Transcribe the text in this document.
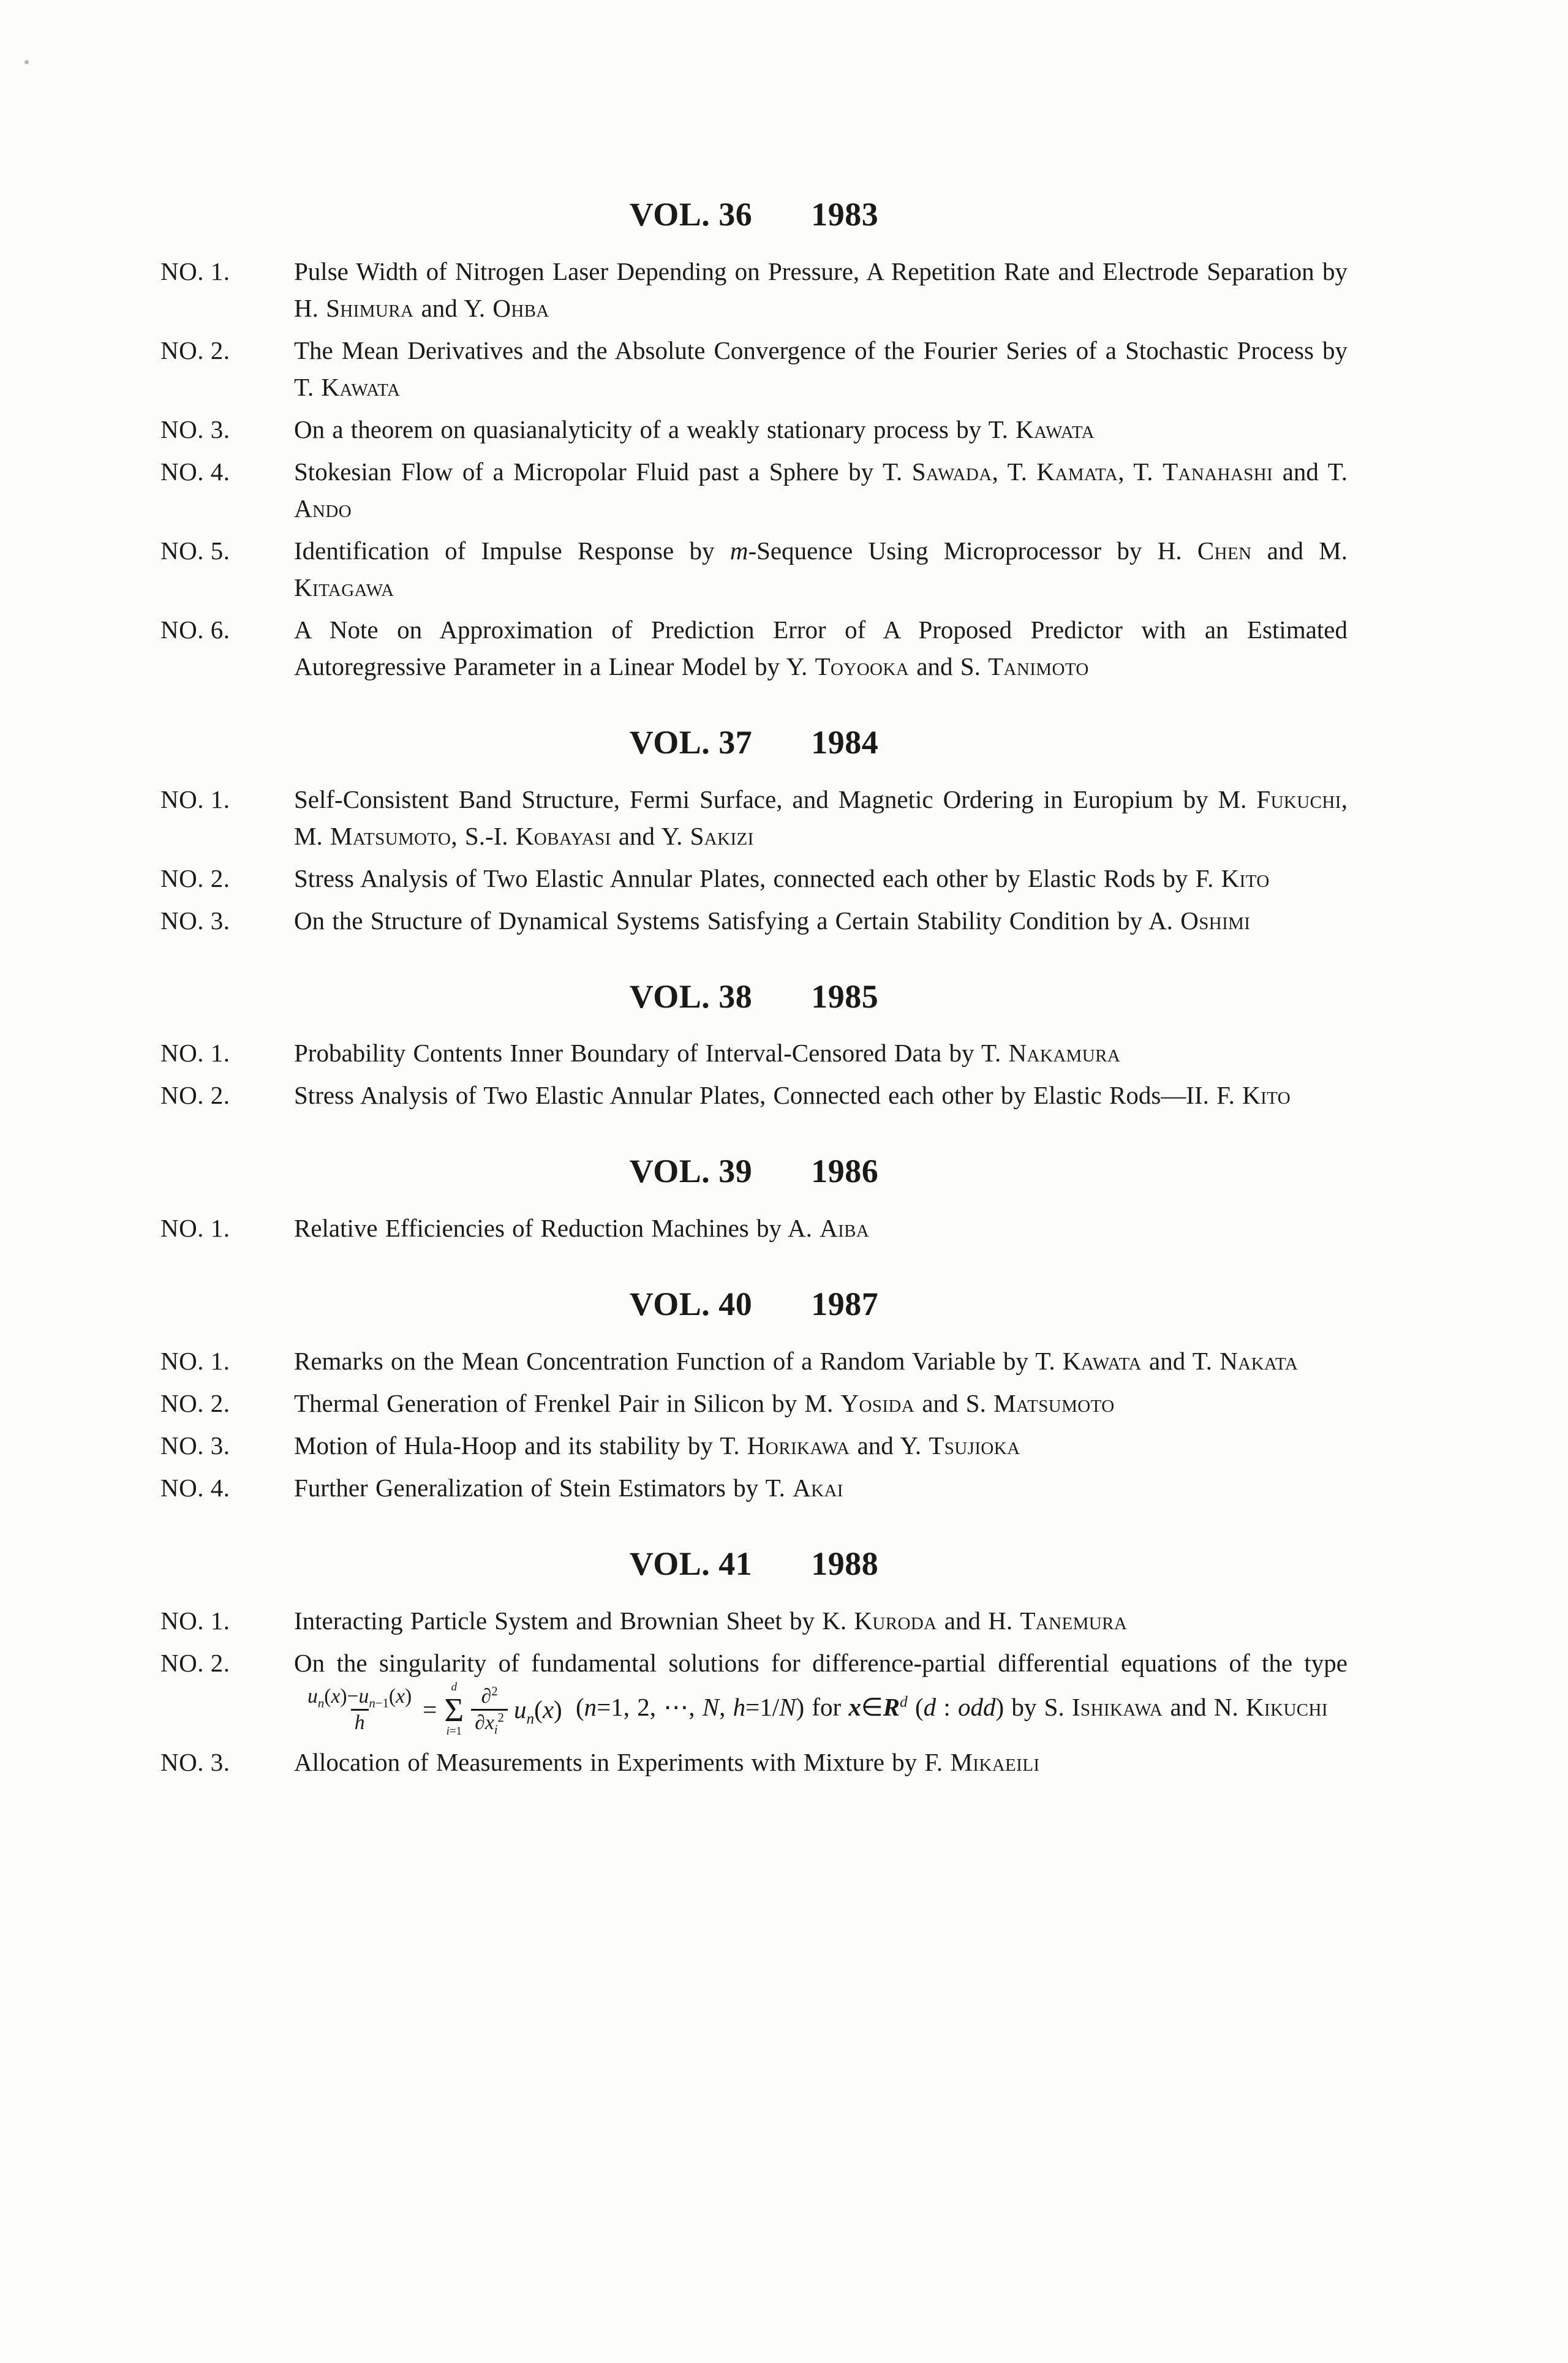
VOL. 36 1983
NO. 1.	Pulse Width of Nitrogen Laser Depending on Pressure, A Repetition Rate and Electrode Separation by H. Shimura and Y. Ohba
NO. 2.	The Mean Derivatives and the Absolute Convergence of the Fourier Series of a Stochastic Process by T. Kawata
NO. 3.	On a theorem on quasianalyticity of a weakly stationary process by T. Kawata
NO. 4.	Stokesian Flow of a Micropolar Fluid past a Sphere by T. Sawada, T. Kamata, T. Tanahashi and T. Ando
NO. 5.	Identification of Impulse Response by m-Sequence Using Microprocessor by H. Chen and M. Kitagawa
NO. 6.	A Note on Approximation of Prediction Error of A Proposed Predictor with an Estimated Autoregressive Parameter in a Linear Model by Y. Toyooka and S. Tanimoto
VOL. 37 1984
NO. 1.	Self-Consistent Band Structure, Fermi Surface, and Magnetic Ordering in Europium by M. Fukuchi, M. Matsumoto, S.-I. Kobayasi and Y. Sakizi
NO. 2.	Stress Analysis of Two Elastic Annular Plates, connected each other by Elastic Rods by F. Kito
NO. 3.	On the Structure of Dynamical Systems Satisfying a Certain Stability Condition by A. Oshimi
VOL. 38 1985
NO. 1.	Probability Contents Inner Boundary of Interval-Censored Data by T. Nakamura
NO. 2.	Stress Analysis of Two Elastic Annular Plates, Connected each other by Elastic Rods—II. F. Kito
VOL. 39 1986
NO. 1.	Relative Efficiencies of Reduction Machines by A. Aiba
VOL. 40 1987
NO. 1.	Remarks on the Mean Concentration Function of a Random Variable by T. Kawata and T. Nakata
NO. 2.	Thermal Generation of Frenkel Pair in Silicon by M. Yosida and S. Matsumoto
NO. 3.	Motion of Hula-Hoop and its stability by T. Horikawa and Y. Tsujioka
NO. 4.	Further Generalization of Stein Estimators by T. Akai
VOL. 41 1988
NO. 1.	Interacting Particle System and Brownian Sheet by K. Kuroda and H. Tanemura
NO. 2.	On the singularity of fundamental solutions for difference-partial differential equations of the type
$\frac{u_n(x)-u_{n-1}(x)}{h}$ =
d
Σ
$i=1 \frac{\partial^2}{\partial x_i^2} u_n(x)$ (n=1, 2, ⋯, N, h=1/N) for $x\in R^d$ (d : odd) by S. Ishikawa and N. Kikuchi
NO. 3.	Allocation of Measurements in Experiments with Mixture by F. Mikaeili
